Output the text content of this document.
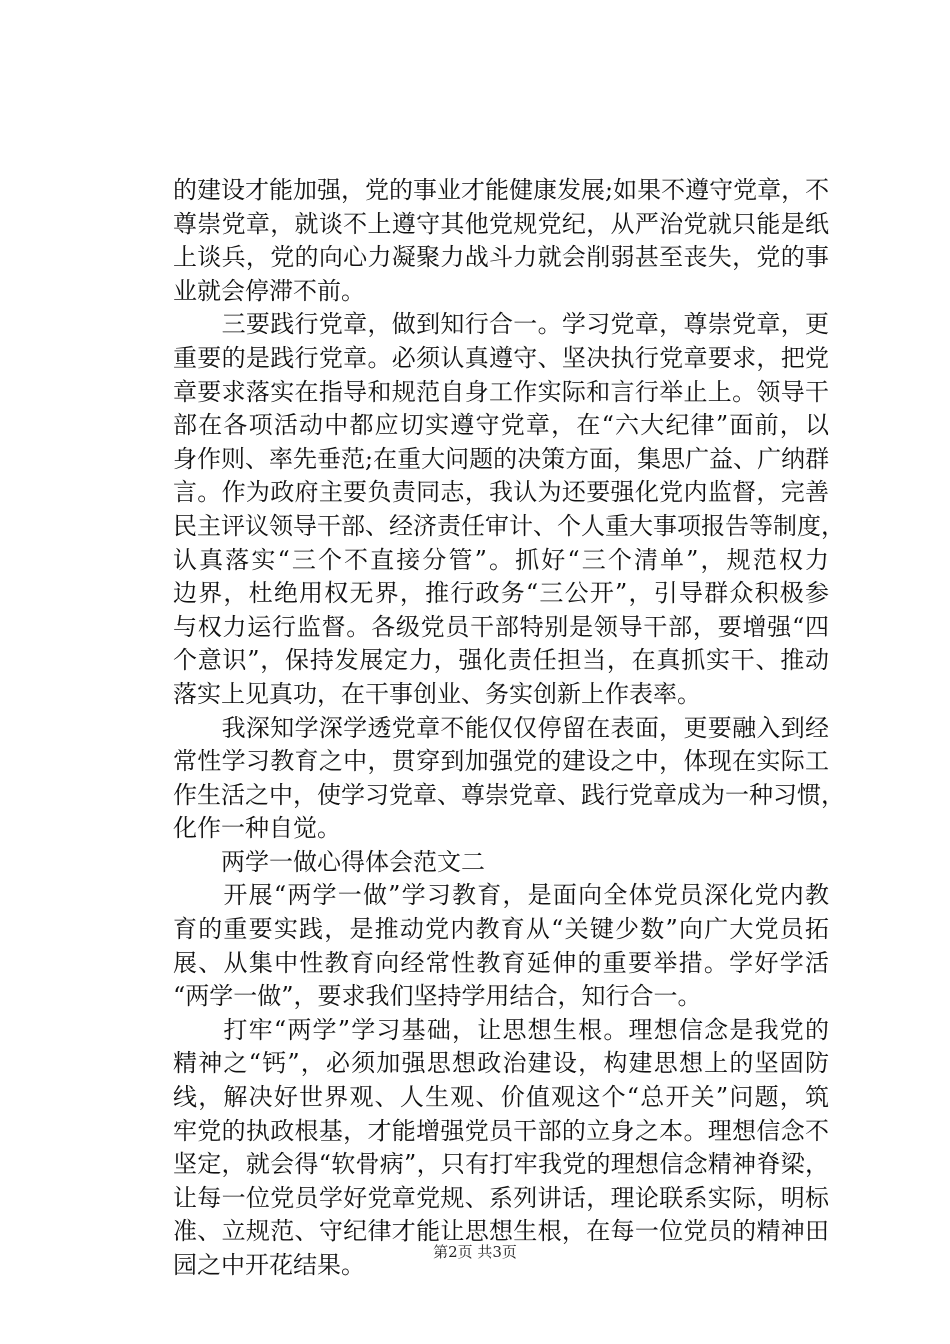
的建设才能加强，党的事业才能健康发展;如果不遵守党章，不
尊崇党章，就谈不上遵守其他党规党纪，从严治党就只能是纸
上谈兵，党的向心力凝聚力战斗力就会削弱甚至丧失，党的事
业就会停滞不前。
　　三要践行党章，做到知行合一。学习党章，尊崇党章，更
重要的是践行党章。必须认真遵守、坚决执行党章要求，把党
章要求落实在指导和规范自身工作实际和言行举止上。领导干
部在各项活动中都应切实遵守党章，在“六大纪律”面前，以
身作则、率先垂范;在重大问题的决策方面，集思广益、广纳群
言。作为政府主要负责同志，我认为还要强化党内监督，完善
民主评议领导干部、经济责任审计、个人重大事项报告等制度，
认真落实“三个不直接分管”。抓好“三个清单”，规范权力
边界，杜绝用权无界，推行政务“三公开”，引导群众积极参
与权力运行监督。各级党员干部特别是领导干部，要增强“四
个意识”，保持发展定力，强化责任担当，在真抓实干、推动
落实上见真功，在干事创业、务实创新上作表率。
　　我深知学深学透党章不能仅仅停留在表面，更要融入到经
常性学习教育之中，贯穿到加强党的建设之中，体现在实际工
作生活之中，使学习党章、尊崇党章、践行党章成为一种习惯，
化作一种自觉。
　　两学一做心得体会范文二
　　开展“两学一做”学习教育，是面向全体党员深化党内教
育的重要实践，是推动党内教育从“关键少数”向广大党员拓
展、从集中性教育向经常性教育延伸的重要举措。学好学活
“两学一做”，要求我们坚持学用结合，知行合一。
　　打牢“两学”学习基础，让思想生根。理想信念是我党的
精神之“钙”，必须加强思想政治建设，构建思想上的坚固防
线，解决好世界观、人生观、价值观这个“总开关”问题，筑
牢党的执政根基，才能增强党员干部的立身之本。理想信念不
坚定，就会得“软骨病”，只有打牢我党的理想信念精神脊梁，
让每一位党员学好党章党规、系列讲话，理论联系实际，明标
准、立规范、守纪律才能让思想生根，在每一位党员的精神田
园之中开花结果。	第2页 共3页
